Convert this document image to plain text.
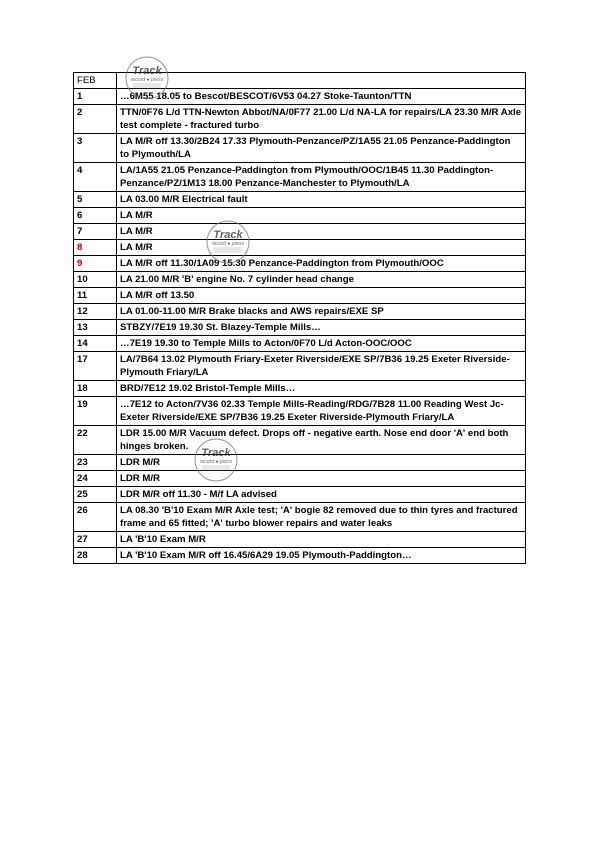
FEB	
1	…6M55 18.05 to Bescot/BESCOT/6V53 04.27 Stoke-Taunton/TTN
2	TTN/0F76 L/d TTN-Newton Abbot/NA/0F77 21.00 L/d NA-LA for repairs/LA 23.30 M/R Axle test complete - fractured turbo
3	LA M/R off 13.30/2B24 17.33 Plymouth-Penzance/PZ/1A55 21.05 Penzance-Paddington to Plymouth/LA
4	LA/1A55 21.05 Penzance-Paddington from Plymouth/OOC/1B45 11.30 Paddington-Penzance/PZ/1M13 18.00 Penzance-Manchester to Plymouth/LA
5	LA 03.00 M/R Electrical fault
6	LA M/R
7	LA M/R
8	LA M/R
9	LA M/R off 11.30/1A09 15.30 Penzance-Paddington from Plymouth/OOC
10	LA 21.00 M/R 'B' engine No. 7 cylinder head change
11	LA M/R off 13.50
12	LA 01.00-11.00 M/R Brake blacks and AWS repairs/EXE SP
13	STBZY/7E19 19.30 St. Blazey-Temple Mills…
14	…7E19 19.30 to Temple Mills to Acton/0F70 L/d Acton-OOC/OOC
17	LA/7B64 13.02 Plymouth Friary-Exeter Riverside/EXE SP/7B36 19.25 Exeter Riverside-Plymouth Friary/LA
18	BRD/7E12 19.02 Bristol-Temple Mills…
19	…7E12 to Acton/7V36 02.33 Temple Mills-Reading/RDG/7B28 11.00 Reading West Jc-Exeter Riverside/EXE SP/7B36 19.25 Exeter Riverside-Plymouth Friary/LA
22	LDR 15.00 M/R Vacuum defect. Drops off - negative earth. Nose end door 'A' end both hinges broken.
23	LDR M/R
24	LDR M/R
25	LDR M/R off 11.30 - M/f LA advised
26	LA 08.30 'B'10 Exam M/R Axle test; 'A' bogie 82 removed due to thin tyres and fractured frame and 65 fitted; 'A' turbo blower repairs and water leaks
27	LA 'B'10 Exam M/R
28	LA 'B'10 Exam M/R off 16.45/6A29 19.05 Plymouth-Paddington…
Track
record ● press
Track
record ● press
Track
record ● press
